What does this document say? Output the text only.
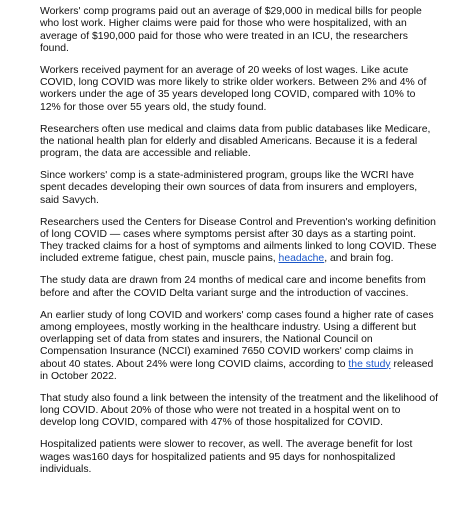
Workers' comp programs paid out an average of $29,000 in medical bills for people who lost work. Higher claims were paid for those who were hospitalized, with an average of $190,000 paid for those who were treated in an ICU, the researchers found.

Workers received payment for an average of 20 weeks of lost wages. Like acute COVID, long COVID was more likely to strike older workers. Between 2% and 4% of workers under the age of 35 years developed long COVID, compared with 10% to 12% for those over 55 years old, the study found.

Researchers often use medical and claims data from public databases like Medicare, the national health plan for elderly and disabled Americans. Because it is a federal program, the data are accessible and reliable.

Since workers' comp is a state-administered program, groups like the WCRI have spent decades developing their own sources of data from insurers and employers, said Savych.

Researchers used the Centers for Disease Control and Prevention's working definition of long COVID — cases where symptoms persist after 30 days as a starting point. They tracked claims for a host of symptoms and ailments linked to long COVID. These included extreme fatigue, chest pain, muscle pains, headache, and brain fog.

The study data are drawn from 24 months of medical care and income benefits from before and after the COVID Delta variant surge and the introduction of vaccines.

An earlier study of long COVID and workers' comp cases found a higher rate of cases among employees, mostly working in the healthcare industry. Using a different but overlapping set of data from states and insurers, the National Council on Compensation Insurance (NCCI) examined 7650 COVID workers' comp claims in about 40 states. About 24% were long COVID claims, according to the study released in October 2022.

That study also found a link between the intensity of the treatment and the likelihood of long COVID. About 20% of those who were not treated in a hospital went on to develop long COVID, compared with 47% of those hospitalized for COVID.

Hospitalized patients were slower to recover, as well. The average benefit for lost wages was160 days for hospitalized patients and 95 days for nonhospitalized individuals.
